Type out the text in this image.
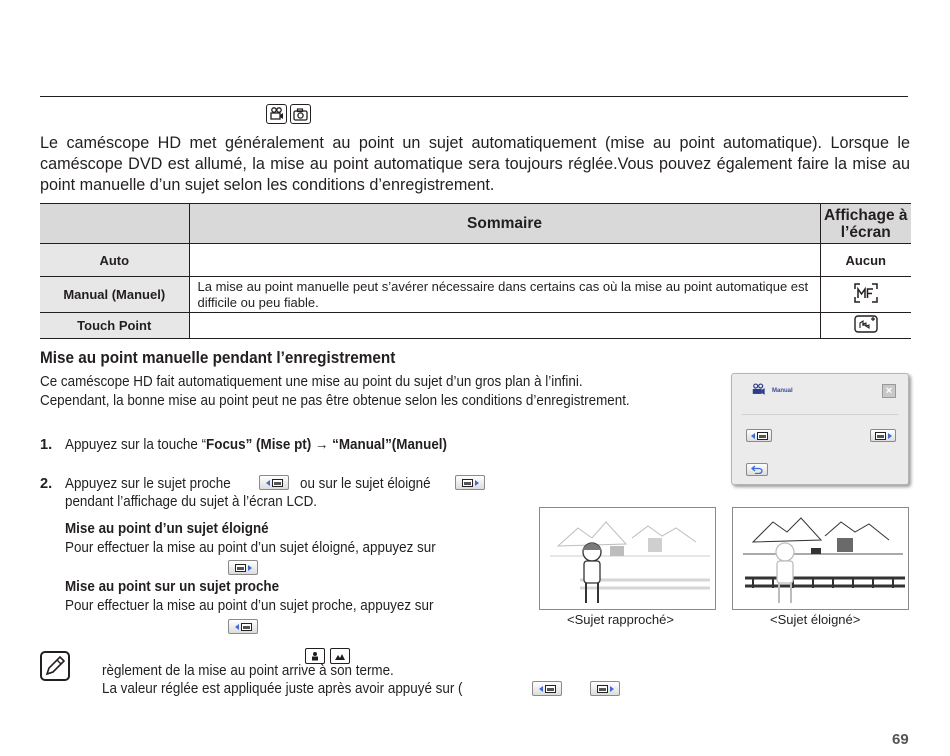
Le caméscope HD met généralement au point un sujet automatiquement (mise au point automatique). Lorsque le caméscope DVD est allumé, la mise au point automatique sera toujours réglée.Vous pouvez également faire la mise au point manuelle d’un sujet selon les conditions d’enregistrement.

	Sommaire	Affichage à l’écran
Auto		Aucun
Manual (Manuel)	La mise au point manuelle peut s’avérer nécessaire dans certains cas où la mise au point automatique est difficile ou peu fiable.	
Touch Point		
Mise au point manuelle pendant l’enregistrement
Ce caméscope HD fait automatiquement une mise au point du sujet d’un gros plan à l’infini.
Cependant, la bonne mise au point peut ne pas être obtenue selon les conditions d’enregistrement.
1. Appuyez sur la touche “Focus” (Mise pt) → “Manual”(Manuel)
2. Appuyez sur le sujet proche	ou sur le sujet éloigné
pendant l’affichage du sujet à l’écran LCD.
Mise au point d’un sujet éloigné
Pour effectuer la mise au point d’un sujet éloigné, appuyez sur
Mise au point sur un sujet proche
Pour effectuer la mise au point d’un sujet proche, appuyez sur
Manual	×
<Sujet rapproché>	<Sujet éloigné>
règlement de la mise au point arrive à son terme.
La valeur réglée est appliquée juste après avoir appuyé sur (
69
